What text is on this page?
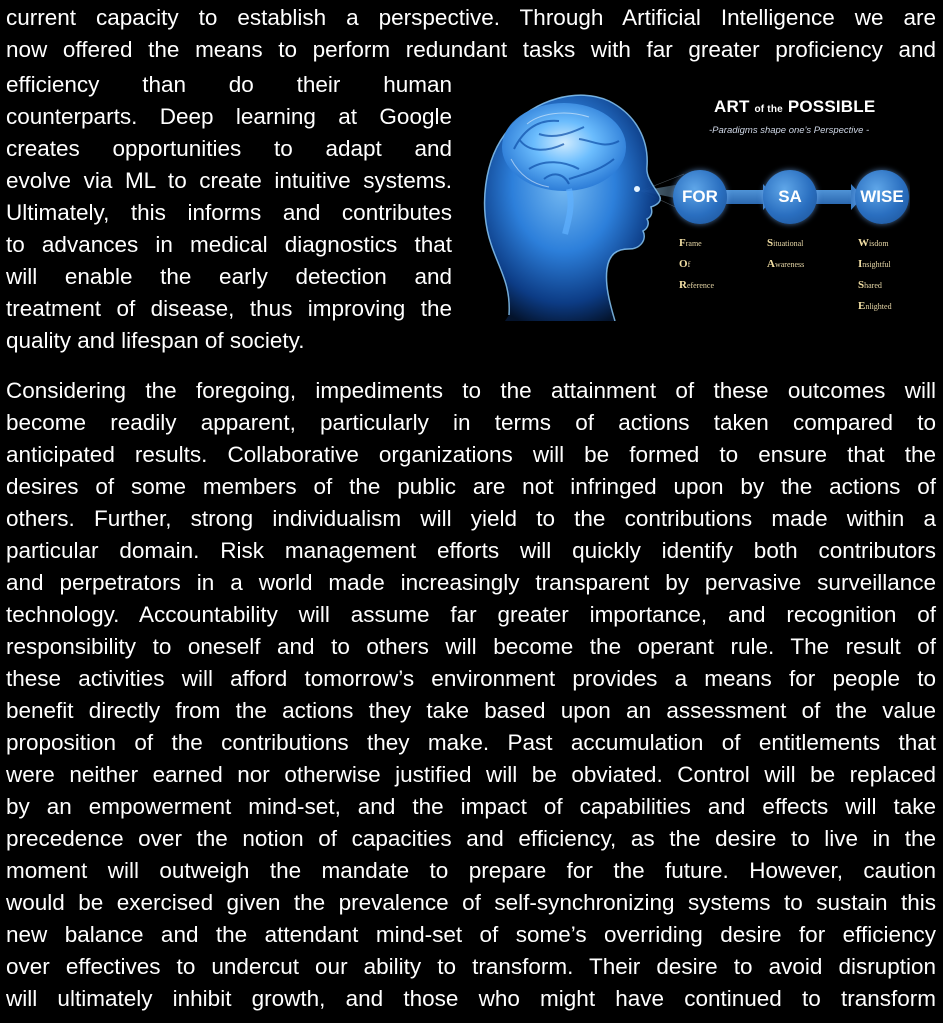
current capacity to establish a perspective. Through Artificial Intelligence we are
now offered the means to perform redundant tasks with far greater proficiency and
efficiency than do their human
counterparts. Deep learning at Google
creates opportunities to adapt and
evolve via ML to create intuitive systems.
Ultimately, this informs and contributes
to advances in medical diagnostics that
will enable the early detection and
treatment of disease, thus improving the
quality and lifespan of society.
Considering the foregoing, impediments to the attainment of these outcomes will
become readily apparent, particularly in terms of actions taken compared to
anticipated results. Collaborative organizations will be formed to ensure that the
desires of some members of the public are not infringed upon by the actions of
others. Further, strong individualism will yield to the contributions made within a
particular domain. Risk management efforts will quickly identify both contributors
and perpetrators in a world made increasingly transparent by pervasive surveillance
technology. Accountability will assume far greater importance, and recognition of
responsibility to oneself and to others will become the operant rule. The result of
these activities will afford tomorrow’s environment provides a means for people to
benefit directly from the actions they take based upon an assessment of the value
proposition of the contributions they make. Past accumulation of entitlements that
were neither earned nor otherwise justified will be obviated. Control will be replaced
by an empowerment mind-set, and the impact of capabilities and effects will take
precedence over the notion of capacities and efficiency, as the desire to live in the
moment will outweigh the mandate to prepare for the future. However, caution
would be exercised given the prevalence of self-synchronizing systems to sustain this
new balance and the attendant mind-set of some’s overriding desire for efficiency
over effectives to undercut our ability to transform. Their desire to avoid disruption
will ultimately inhibit growth, and those who might have continued to transform
ART of the POSSIBLE
-Paradigms shape one's Perspective -
FOR	SA	WISE
Frame
Of
Reference
Situational
Awareness
Wisdom
Insightful
Shared
Enlighted
